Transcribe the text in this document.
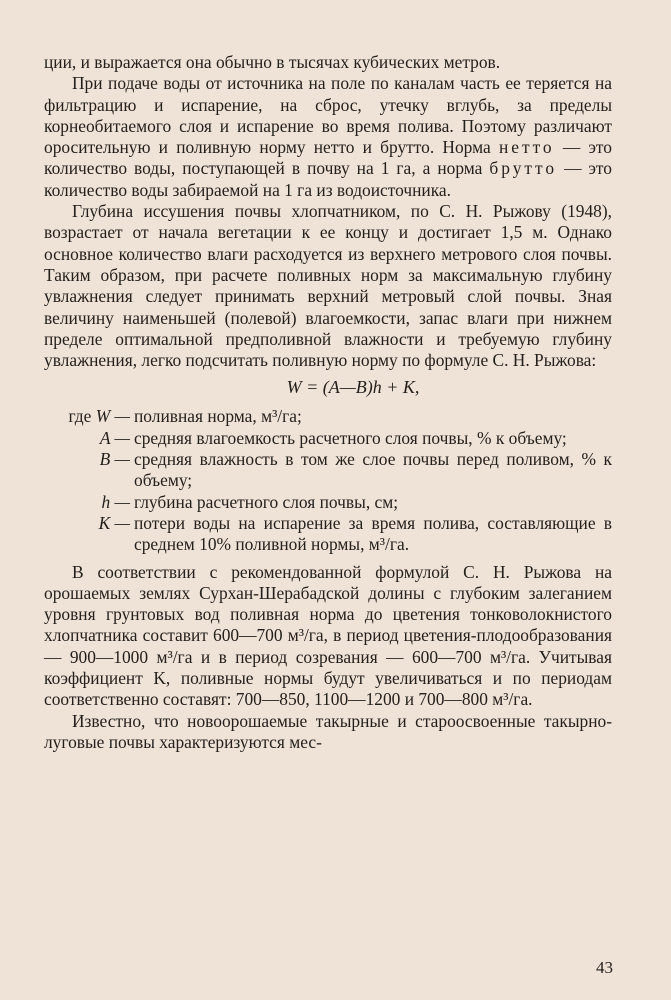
ции, и выражается она обычно в тысячах кубических метров.

При подаче воды от источника на поле по каналам часть ее теряется на фильтрацию и испарение, на сброс, утечку вглубь, за пределы корнеобитаемого слоя и испарение во время полива. Поэтому различают оросительную и поливную норму нетто и брутто. Норма нетто — это количество воды, поступающей в почву на 1 га, а норма брутто — это количество воды забираемой на 1 га из водоисточника.

Глубина иссушения почвы хлопчатником, по С. Н. Рыжову (1948), возрастает от начала вегетации к ее концу и достигает 1,5 м. Однако основное количество влаги расходуется из верхнего метрового слоя почвы. Таким образом, при расчете поливных норм за максимальную глубину увлажнения следует принимать верхний метровый слой почвы. Зная величину наименьшей (полевой) влагоемкости, запас влаги при нижнем пределе оптимальной предполивной влажности и требуемую глубину увлажнения, легко подсчитать поливную норму по формуле С. Н. Рыжова:

W = (A—B)h + K,
где W — поливная норма, м³/га;
A — средняя влагоемкость расчетного слоя почвы, % к объему;
B — средняя влажность в том же слое почвы перед поливом, % к объему;
h — глубина расчетного слоя почвы, см;
K — потери воды на испарение за время полива, составляющие в среднем 10% поливной нормы, м³/га.

В соответствии с рекомендованной формулой С. Н. Рыжова на орошаемых землях Сурхан-Шерабадской долины с глубоким залеганием уровня грунтовых вод поливная норма до цветения тонковолокнистого хлопчатника составит 600—700 м³/га, в период цветения-плодообразования — 900—1000 м³/га и в период созревания — 600—700 м³/га. Учитывая коэффициент K, поливные нормы будут увеличиваться и по периодам соответственно составят: 700—850, 1100—1200 и 700—800 м³/га.

Известно, что новоорошаемые такырные и староосвоенные такырно-луговые почвы характеризуются мес-

43
